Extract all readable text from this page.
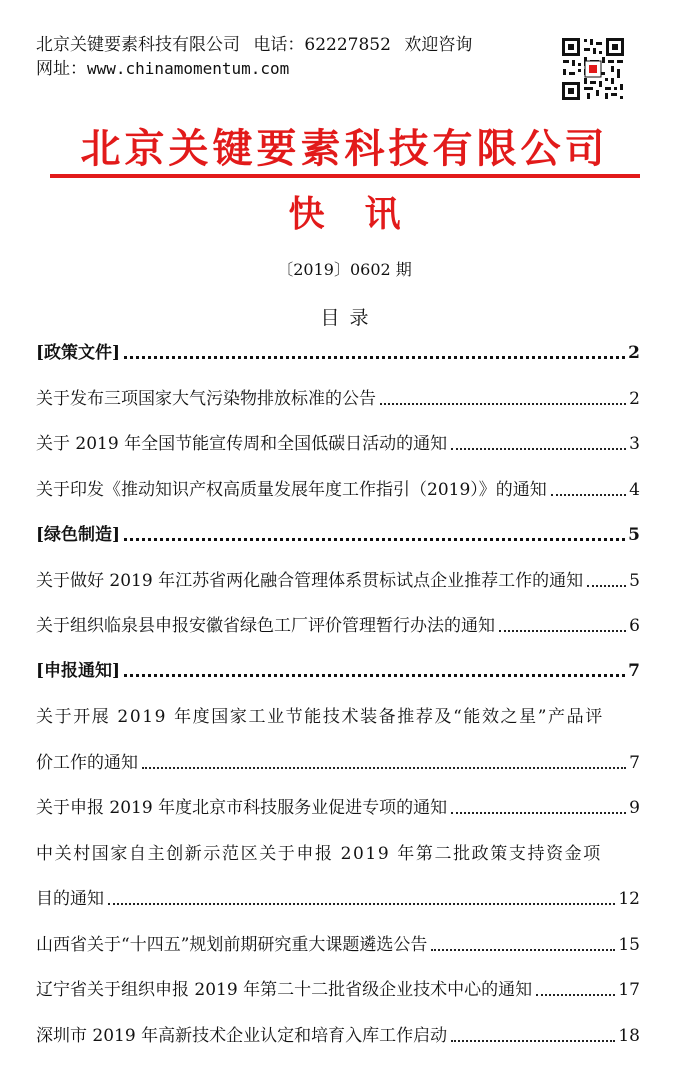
北京关键要素科技有限公司 电话：62227852 欢迎咨询
网址：www.chinamomentum.com
北京关键要素科技有限公司
快讯
〔2019〕0602 期
目录
[政策文件]	2
关于发布三项国家大气污染物排放标准的公告	2
关于 2019 年全国节能宣传周和全国低碳日活动的通知	3
关于印发《推动知识产权高质量发展年度工作指引（2019）》的通知	4
[绿色制造]	5
关于做好 2019 年江苏省两化融合管理体系贯标试点企业推荐工作的通知	5
关于组织临泉县申报安徽省绿色工厂评价管理暂行办法的通知	6
[申报通知]	7
关于开展 2019 年度国家工业节能技术装备推荐及“能效之星”产品评
价工作的通知	7
关于申报 2019 年度北京市科技服务业促进专项的通知	9
中关村国家自主创新示范区关于申报 2019 年第二批政策支持资金项
目的通知	12
山西省关于“十四五”规划前期研究重大课题遴选公告	15
辽宁省关于组织申报 2019 年第二十二批省级企业技术中心的通知	17
深圳市 2019 年高新技术企业认定和培育入库工作启动	18
